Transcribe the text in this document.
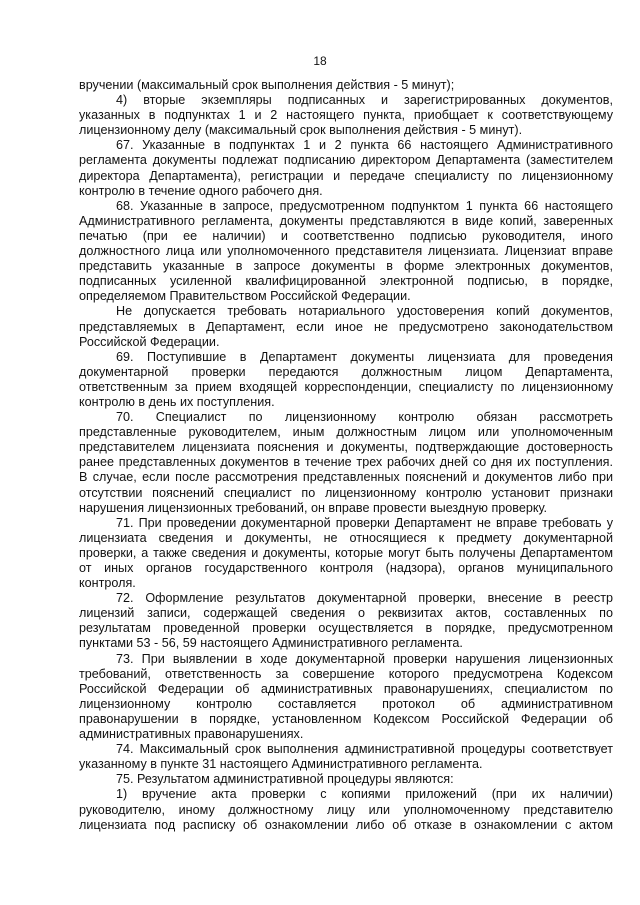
18
вручении (максимальный срок выполнения действия - 5 минут);
4) вторые экземпляры подписанных и зарегистрированных документов,
указанных в подпунктах 1 и 2 настоящего пункта, приобщает к соответствующему
лицензионному делу (максимальный срок выполнения действия - 5 минут).
67. Указанные в подпунктах 1 и 2 пункта 66 настоящего Административного
регламента документы подлежат подписанию директором Департамента (заместителем
директора Департамента), регистрации и передаче специалисту по лицензионному
контролю в течение одного рабочего дня.
68. Указанные в запросе, предусмотренном подпунктом 1 пункта 66 настоящего
Административного регламента, документы представляются в виде копий, заверенных
печатью (при ее наличии) и соответственно подписью руководителя, иного
должностного лица или уполномоченного представителя лицензиата. Лицензиат вправе
представить указанные в запросе документы в форме электронных документов,
подписанных усиленной квалифицированной электронной подписью, в порядке,
определяемом Правительством Российской Федерации.
Не допускается требовать нотариального удостоверения копий документов,
представляемых в Департамент, если иное не предусмотрено законодательством
Российской Федерации.
69. Поступившие в Департамент документы лицензиата для проведения
документарной проверки передаются должностным лицом Департамента,
ответственным за прием входящей корреспонденции, специалисту по лицензионному
контролю в день их поступления.
70. Специалист по лицензионному контролю обязан рассмотреть
представленные руководителем, иным должностным лицом или уполномоченным
представителем лицензиата пояснения и документы, подтверждающие достоверность
ранее представленных документов в течение трех рабочих дней со дня их поступления.
В случае, если после рассмотрения представленных пояснений и документов либо при
отсутствии пояснений специалист по лицензионному контролю установит признаки
нарушения лицензионных требований, он вправе провести выездную проверку.
71. При проведении документарной проверки Департамент не вправе требовать у
лицензиата сведения и документы, не относящиеся к предмету документарной
проверки, а также сведения и документы, которые могут быть получены Департаментом
от иных органов государственного контроля (надзора), органов муниципального
контроля.
72. Оформление результатов документарной проверки, внесение в реестр
лицензий записи, содержащей сведения о реквизитах актов, составленных по
результатам проведенной проверки осуществляется в порядке, предусмотренном
пунктами 53 - 56, 59 настоящего Административного регламента.
73. При выявлении в ходе документарной проверки нарушения лицензионных
требований, ответственность за совершение которого предусмотрена Кодексом
Российской Федерации об административных правонарушениях, специалистом по
лицензионному контролю составляется протокол об административном
правонарушении в порядке, установленном Кодексом Российской Федерации об
административных правонарушениях.
74. Максимальный срок выполнения административной процедуры соответствует
указанному в пункте 31 настоящего Административного регламента.
75. Результатом административной процедуры являются:
1) вручение акта проверки с копиями приложений (при их наличии)
руководителю, иному должностному лицу или уполномоченному представителю
лицензиата под расписку об ознакомлении либо об отказе в ознакомлении с актом
